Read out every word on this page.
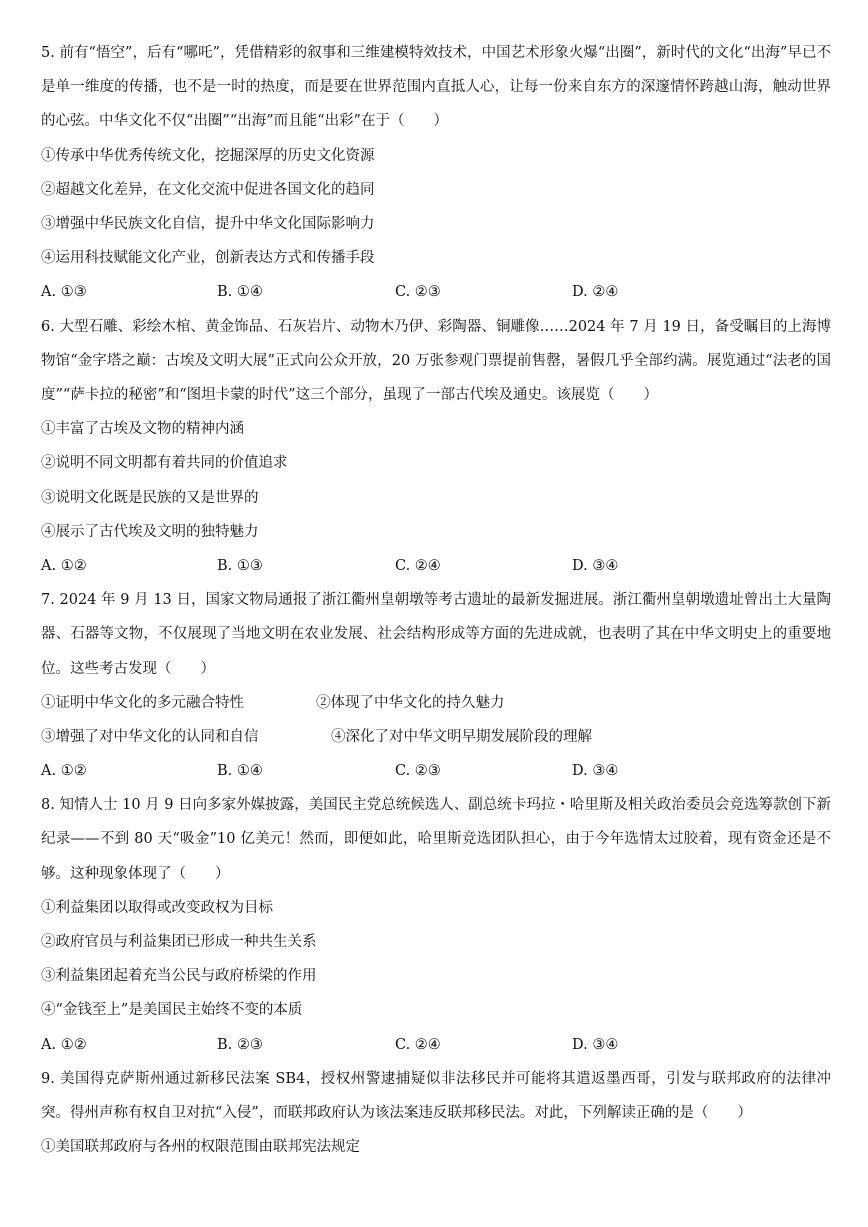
5. 前有“悟空”，后有“哪吒”，凭借精彩的叙事和三维建模特效技术，中国艺术形象火爆“出圈”，新时代的文化“出海”早已不是单一维度的传播，也不是一时的热度，而是要在世界范围内直抵人心，让每一份来自东方的深邃情怀跨越山海，触动世界的心弦。中华文化不仅“出圈”“出海”而且能“出彩”在于（　　）

①传承中华优秀传统文化，挖掘深厚的历史文化资源

②超越文化差异，在文化交流中促进各国文化的趋同

③增强中华民族文化自信，提升中华文化国际影响力

④运用科技赋能文化产业，创新表达方式和传播手段

A. ①③	B. ①④	C. ②③	D. ②④

6. 大型石雕、彩绘木棺、黄金饰品、石灰岩片、动物木乃伊、彩陶器、铜雕像……2024 年 7 月 19 日，备受瞩目的上海博物馆“金字塔之巅：古埃及文明大展”正式向公众开放，20 万张参观门票提前售罄，暑假几乎全部约满。展览通过“法老的国度”“萨卡拉的秘密”和“图坦卡蒙的时代”这三个部分，虽现了一部古代埃及通史。该展览（　　）

①丰富了古埃及文物的精神内涵

②说明不同文明都有着共同的价值追求

③说明文化既是民族的又是世界的

④展示了古代埃及文明的独特魅力

A. ①②	B. ①③	C. ②④	D. ③④

7. 2024 年 9 月 13 日，国家文物局通报了浙江衢州皇朝墩等考古遗址的最新发掘进展。浙江衢州皇朝墩遗址曾出土大量陶器、石器等文物，不仅展现了当地文明在农业发展、社会结构形成等方面的先进成就，也表明了其在中华文明史上的重要地位。这些考古发现（　　）

①证明中华文化的多元融合特性	②体现了中华文化的持久魅力
③增强了对中华文化的认同和自信	④深化了对中华文明早期发展阶段的理解
A. ①②	B. ①④	C. ②③	D. ③④

8. 知情人士 10 月 9 日向多家外媒披露，美国民主党总统候选人、副总统卡玛拉・哈里斯及相关政治委员会竞选筹款创下新纪录——不到 80 天“吸金”10 亿美元！然而，即便如此，哈里斯竞选团队担心，由于今年选情太过胶着，现有资金还是不够。这种现象体现了（　　）

①利益集团以取得或改变政权为目标

②政府官员与利益集团已形成一种共生关系

③利益集团起着充当公民与政府桥梁的作用

④“金钱至上”是美国民主始终不变的本质

A. ①②	B. ②③	C. ②④	D. ③④

9. 美国得克萨斯州通过新移民法案 SB4，授权州警逮捕疑似非法移民并可能将其遣返墨西哥，引发与联邦政府的法律冲突。得州声称有权自卫对抗“入侵”，而联邦政府认为该法案违反联邦移民法。对此，下列解读正确的是（　　）

①美国联邦政府与各州的权限范围由联邦宪法规定
